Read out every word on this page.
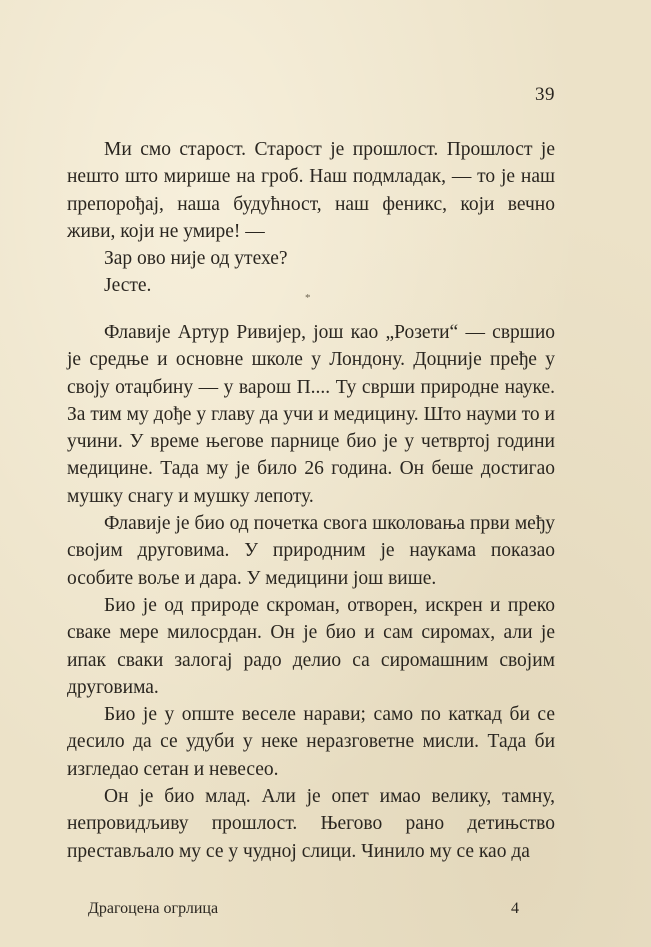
39

Ми смо старост. Старост је прошлост. Прошлост је нешто што мирише на гроб. Наш подмладак, — то је наш препорођај, наша будућност, наш феникс, који вечно живи, који не умире! —

Зар ово није од утехе?

Јесте.

*

Флавије Артур Ривијер, још као „Розети“ — свршио је средње и основне школе у Лондону. Доцније пређе у своју отаџбину — у варош П.... Ту сврши природне науке. За тим му дође у главу да учи и медицину. Што науми то и учини. У време његове парнице био је у четвртој години медицине. Тада му је било 26 година. Он беше достигао мушку снагу и мушку лепоту.

Флавије је био од почетка свога школовања први међу својим друговима. У природним је наукама показао особите воље и дара. У медицини још више.

Био је од природе скроман, отворен, искрен и преко сваке мере милосрдан. Он је био и сам сиромах, али је ипак сваки залогај радо делио са сиромашним својим друговима.

Био је у опште веселе нарави; само по каткад би се десило да се удуби у неке неразговетне мисли. Тада би изгледао сетан и невесео.

Он је био млад. Али је опет имао велику, тамну, непровидљиву прошлост. Његово рано детињство престављало му се у чудној слици. Чинило му се као да

Драгоцена огрлица	4
